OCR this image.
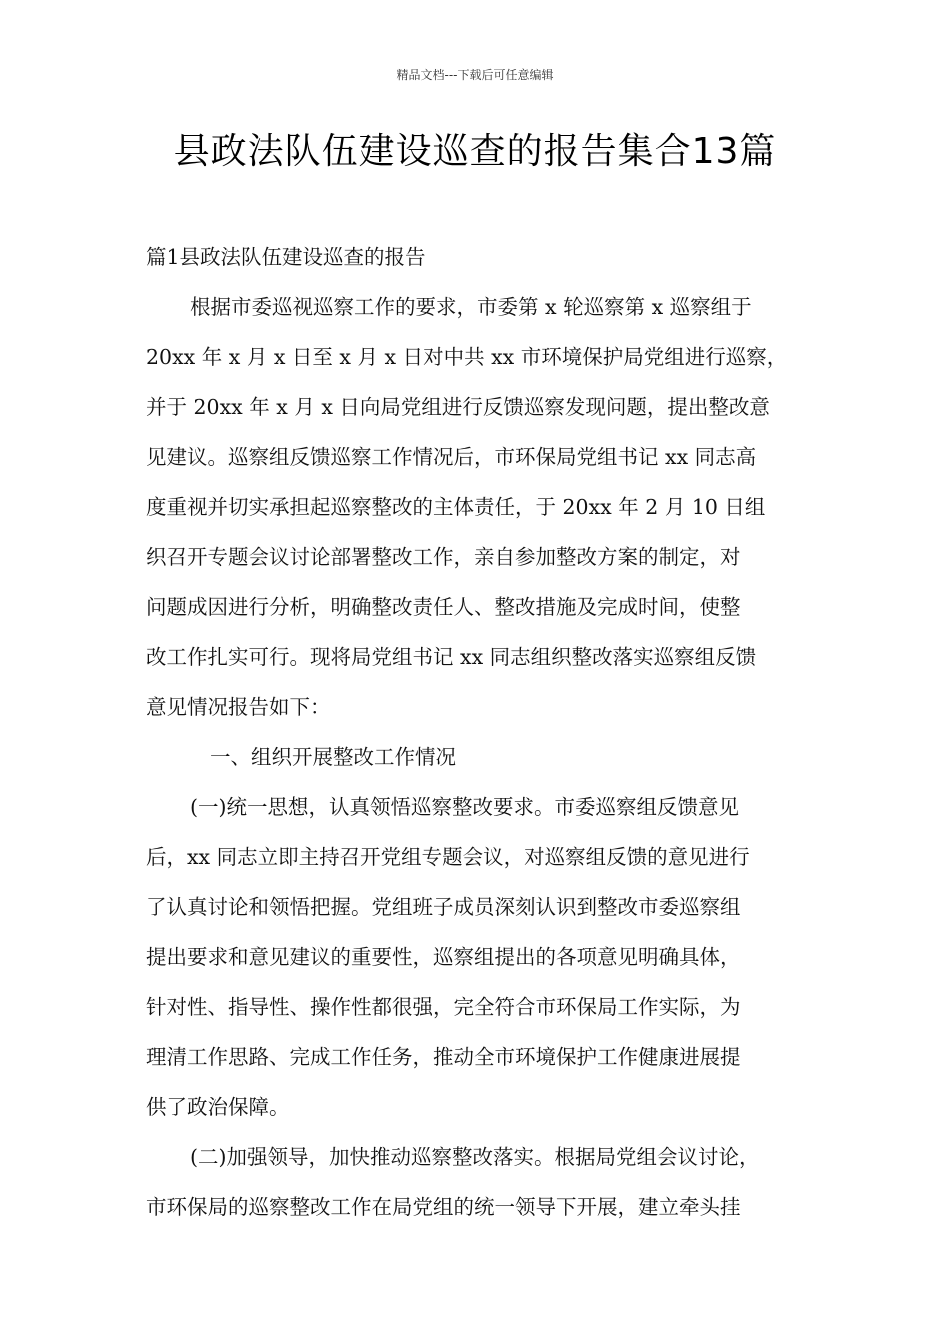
精品文档---下载后可任意编辑
县政法队伍建设巡查的报告集合13篇
篇1县政法队伍建设巡查的报告
根据市委巡视巡察工作的要求，市委第 x 轮巡察第 x 巡察组于
20xx 年 x 月 x 日至 x 月 x 日对中共 xx 市环境保护局党组进行巡察，
并于 20xx 年 x 月 x 日向局党组进行反馈巡察发现问题，提出整改意
见建议。巡察组反馈巡察工作情况后，市环保局党组书记 xx 同志高
度重视并切实承担起巡察整改的主体责任，于 20xx 年 2 月 10 日组
织召开专题会议讨论部署整改工作，亲自参加整改方案的制定，对
问题成因进行分析，明确整改责任人、整改措施及完成时间，使整
改工作扎实可行。现将局党组书记 xx 同志组织整改落实巡察组反馈
意见情况报告如下：
一、组织开展整改工作情况
(一)统一思想，认真领悟巡察整改要求。市委巡察组反馈意见
后，xx 同志立即主持召开党组专题会议，对巡察组反馈的意见进行
了认真讨论和领悟把握。党组班子成员深刻认识到整改市委巡察组
提出要求和意见建议的重要性，巡察组提出的各项意见明确具体，
针对性、指导性、操作性都很强，完全符合市环保局工作实际，为
理清工作思路、完成工作任务，推动全市环境保护工作健康进展提
供了政治保障。
(二)加强领导，加快推动巡察整改落实。根据局党组会议讨论，
市环保局的巡察整改工作在局党组的统一领导下开展，建立牵头挂
